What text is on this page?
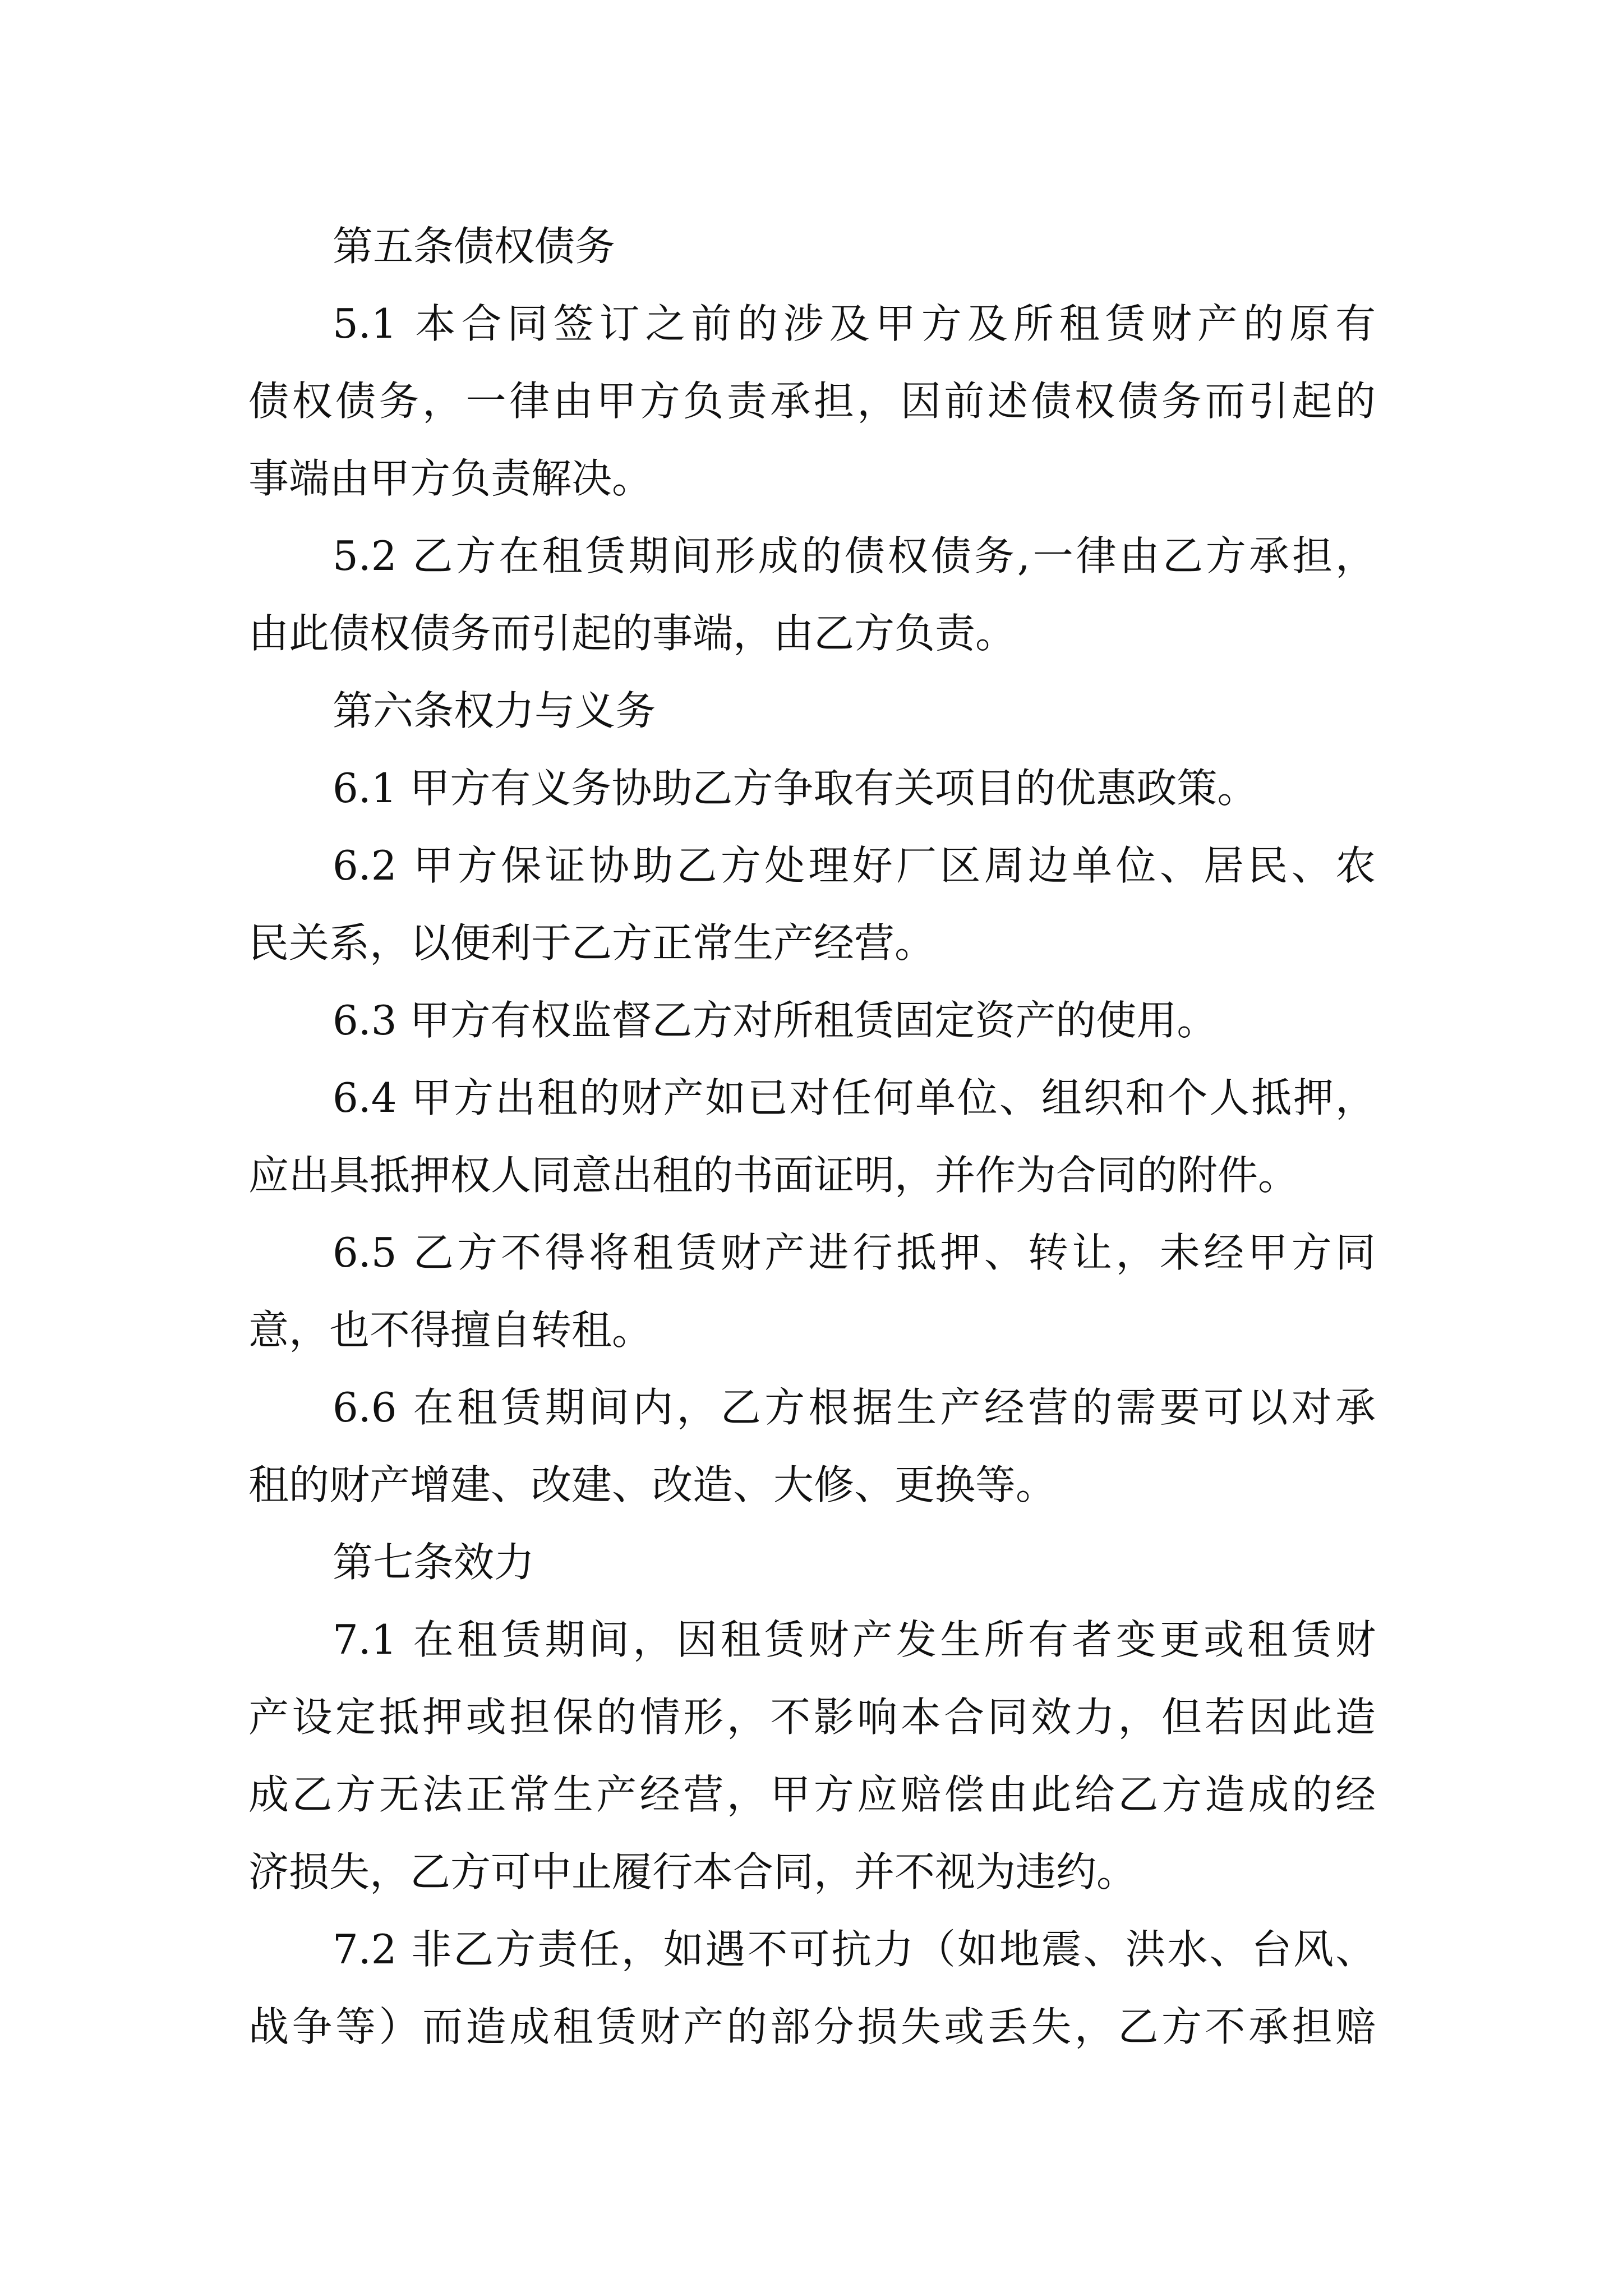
第五条债权债务

5.1 本合同签订之前的涉及甲方及所租赁财产的原有

债权债务，一律由甲方负责承担，因前述债权债务而引起的

事端由甲方负责解决。

5.2 乙方在租赁期间形成的债权债务,一律由乙方承担，

由此债权债务而引起的事端，由乙方负责。

第六条权力与义务

6.1 甲方有义务协助乙方争取有关项目的优惠政策。

6.2 甲方保证协助乙方处理好厂区周边单位、居民、农

民关系，以便利于乙方正常生产经营。

6.3 甲方有权监督乙方对所租赁固定资产的使用。

6.4 甲方出租的财产如已对任何单位、组织和个人抵押，

应出具抵押权人同意出租的书面证明，并作为合同的附件。

6.5 乙方不得将租赁财产进行抵押、转让，未经甲方同

意，也不得擅自转租。

6.6 在租赁期间内，乙方根据生产经营的需要可以对承

租的财产增建、改建、改造、大修、更换等。

第七条效力

7.1 在租赁期间，因租赁财产发生所有者变更或租赁财

产设定抵押或担保的情形，不影响本合同效力，但若因此造

成乙方无法正常生产经营，甲方应赔偿由此给乙方造成的经

济损失，乙方可中止履行本合同，并不视为违约。

7.2 非乙方责任，如遇不可抗力（如地震、洪水、台风、

战争等）而造成租赁财产的部分损失或丢失，乙方不承担赔
